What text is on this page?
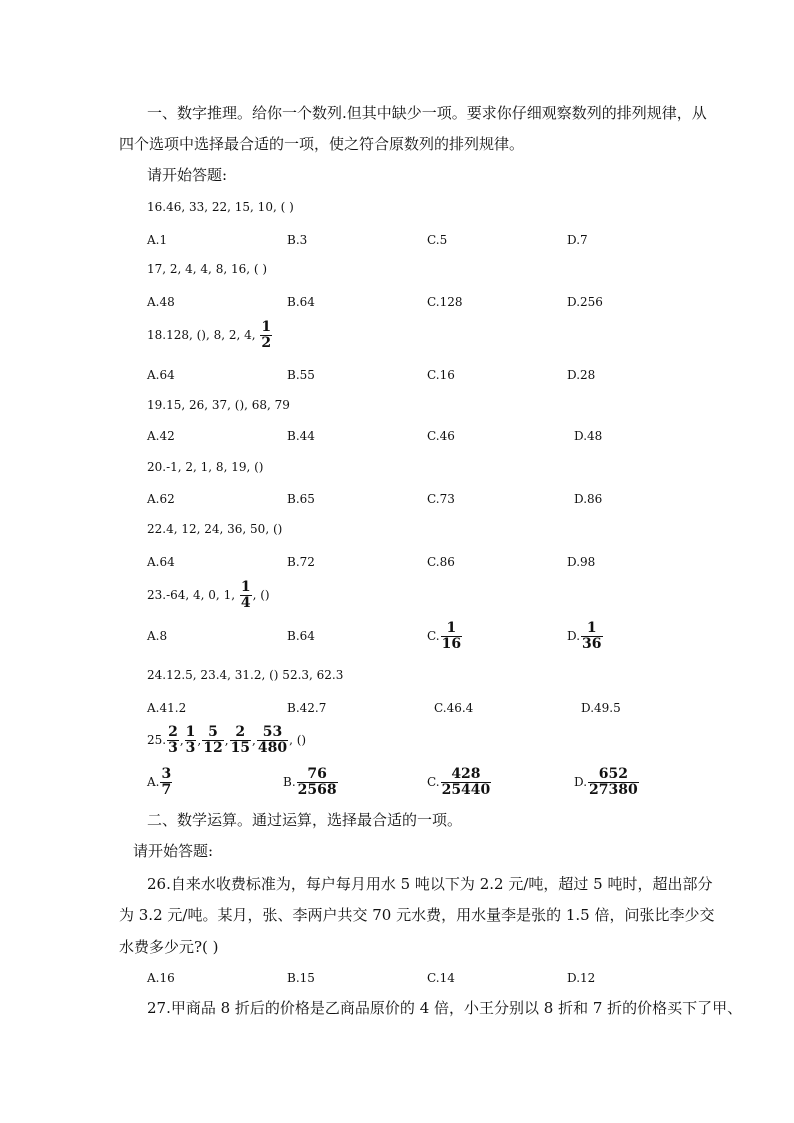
一、数字推理。给你一个数列.但其中缺少一项。要求你仔细观察数列的排列规律，从
四个选项中选择最合适的一项，使之符合原数列的排列规律。
请开始答题:
16.46, 33, 22, 15, 10, ( )
A.1	B.3	C.5	D.7
17, 2, 4, 4, 8, 16, ( )
A.48	B.64	C.128	D.256
18.128, (), 8, 2, 4, $\frac{1}{2}$
A.64	B.55	C.16	D.28
19.15, 26, 37, (), 68, 79
A.42	B.44	C.46	D.48
20.-1, 2, 1, 8, 19, ()
A.62	B.65	C.73	D.86
22.4, 12, 24, 36, 50, ()
A.64	B.72	C.86	D.98
23.-64, 4, 0, 1, $\frac{1}{4}$ , ()
A.8	B.64	C. $\frac{1}{16}$	D. $\frac{1}{36}$
24.12.5, 23.4, 31.2, () 52.3, 62.3
A.41.2	B.42.7	C.46.4	D.49.5
25. $\frac{2}{3}$ , $\frac{1}{3}$ , $\frac{5}{12}$ , $\frac{2}{15}$ , $\frac{53}{480}$ , ()
A. $\frac{3}{7}$	B. $\frac{76}{2568}$	C. $\frac{428}{25440}$	D. $\frac{652}{27380}$
二、数学运算。通过运算，选择最合适的一项。
请开始答题:
26.自来水收费标准为，每户每月用水 5 吨以下为 2.2 元/吨，超过 5 吨时，超出部分
为 3.2 元/吨。某月，张、李两户共交 70 元水费，用水量李是张的 1.5 倍，问张比李少交
水费多少元?( )
A.16	B.15	C.14	D.12
27.甲商品 8 折后的价格是乙商品原价的 4 倍，小王分别以 8 折和 7 折的价格买下了甲、
